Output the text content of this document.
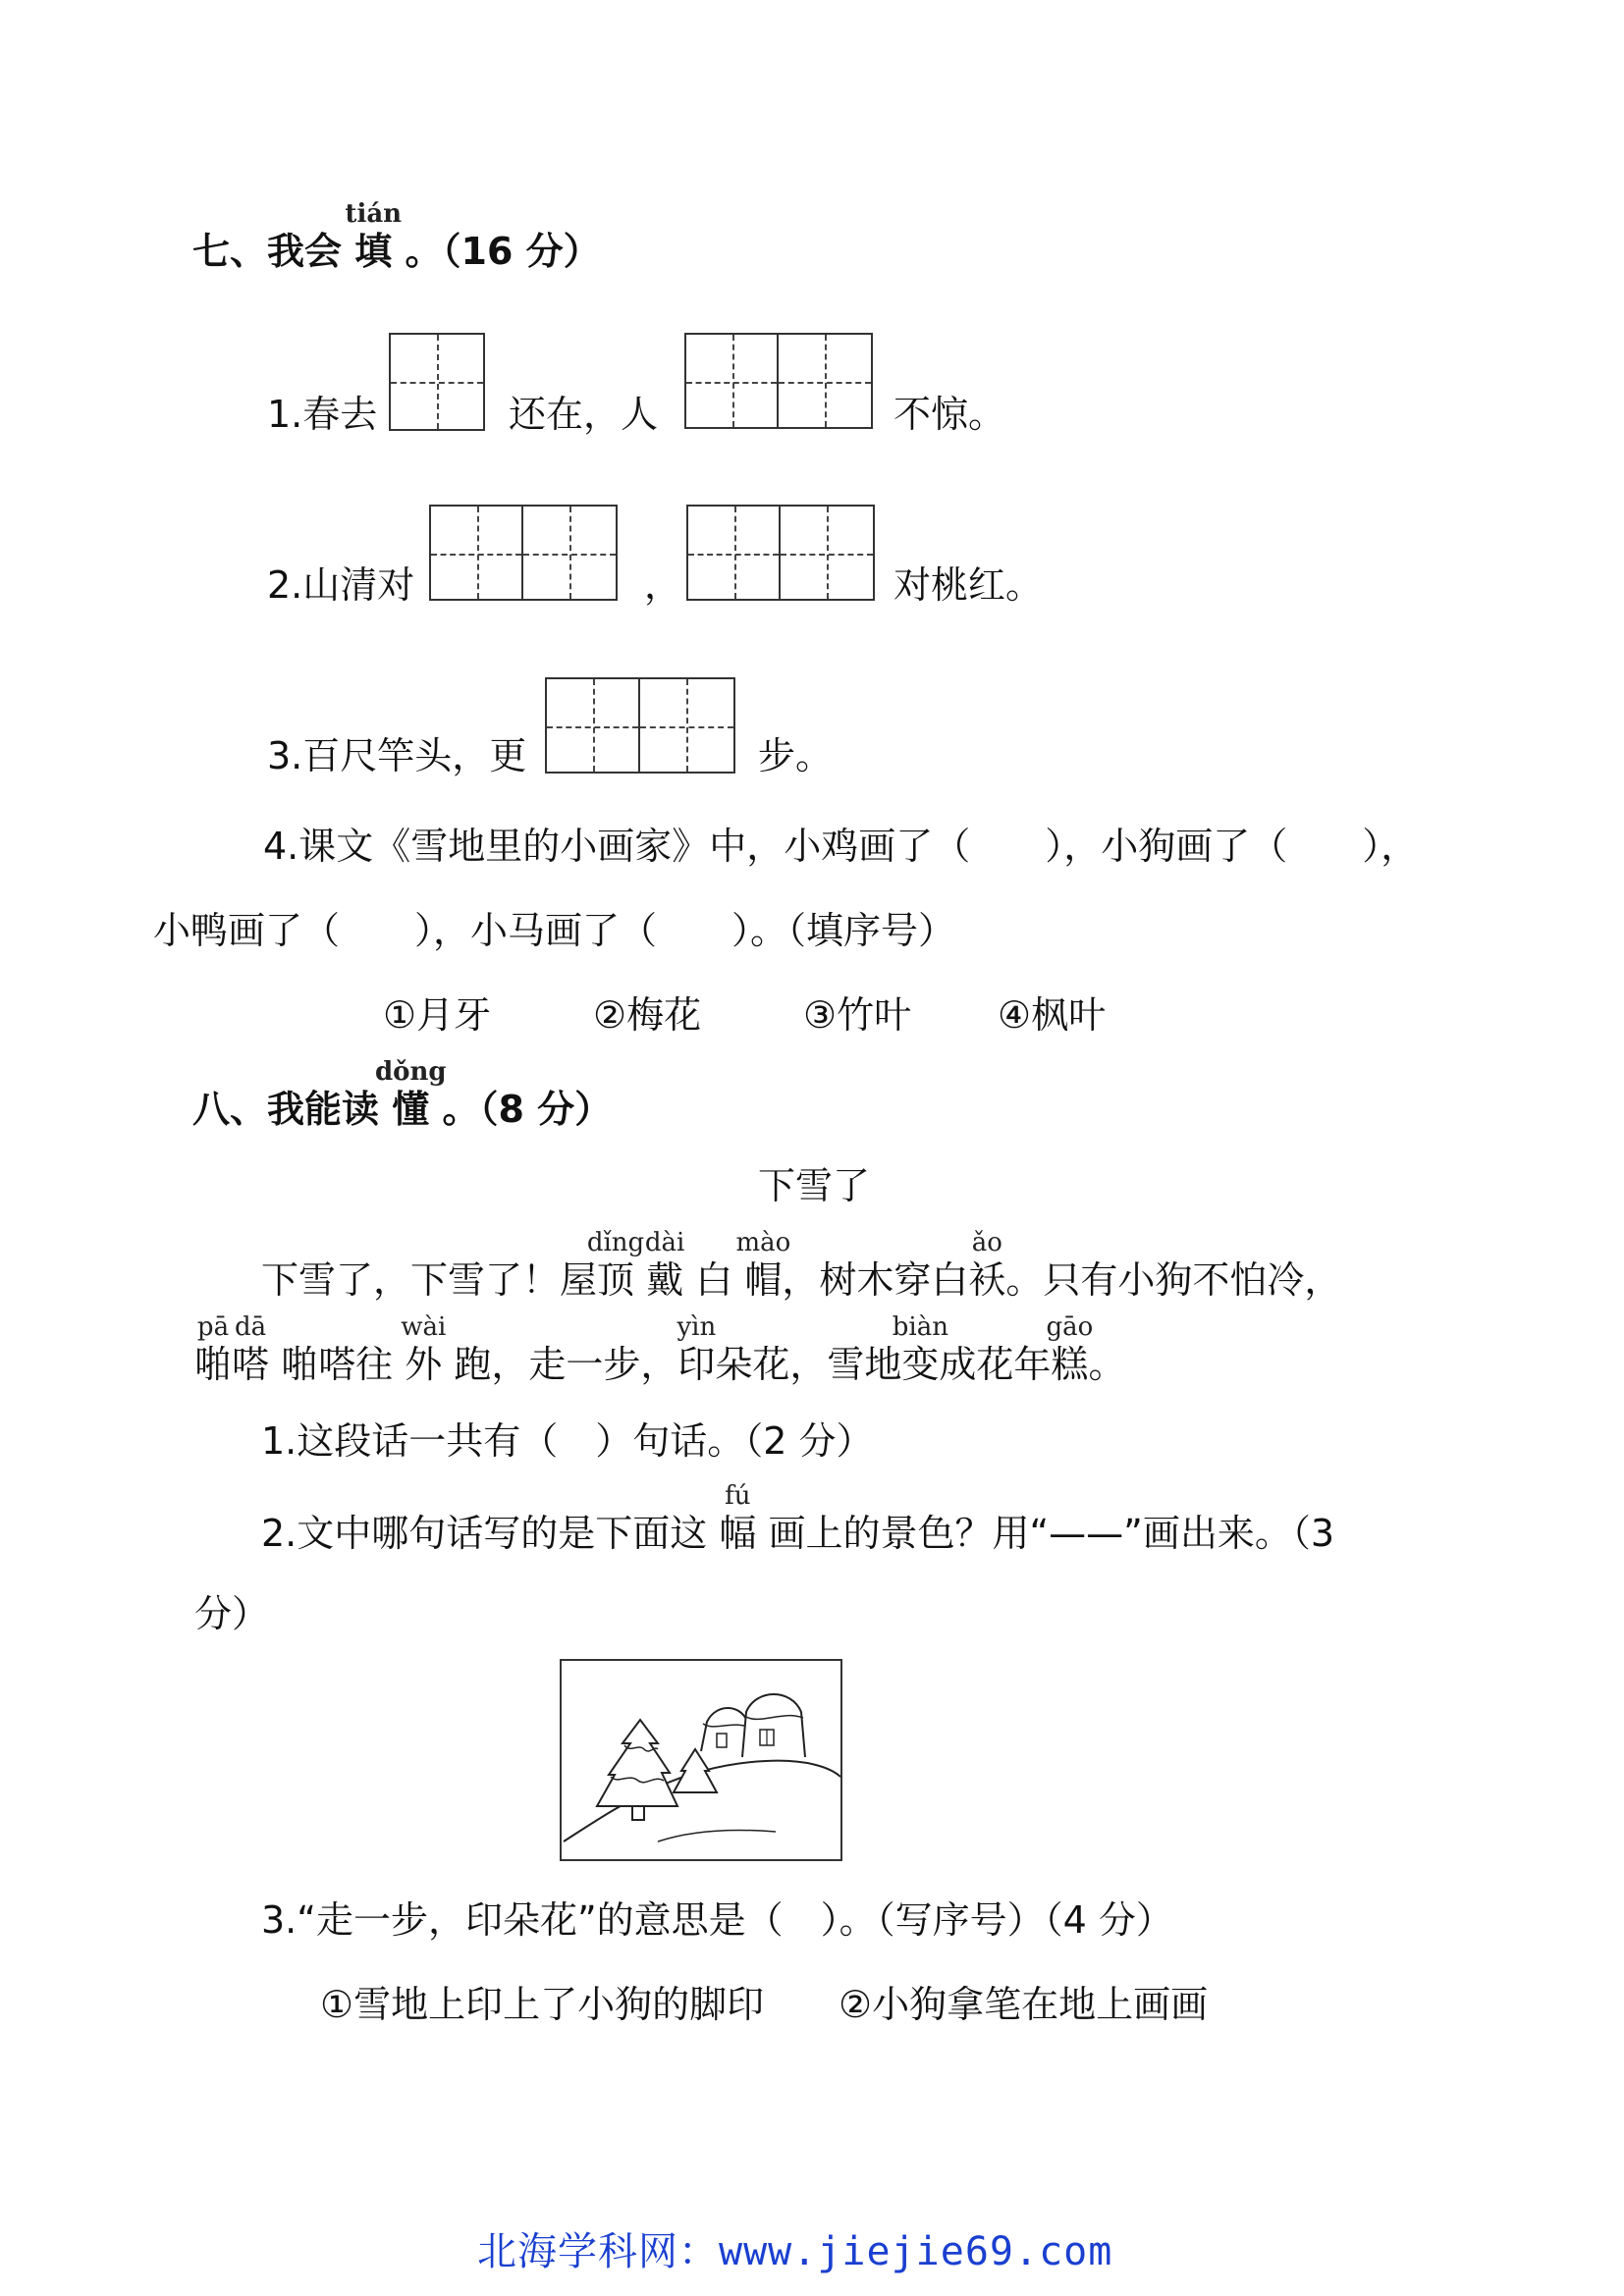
七、我会
tián
填 。（16 分）
1.春去	还在，人	不惊。
2.山清对	，	对桃红。
3.百尺竿头，更	步。
4.课文《雪地里的小画家》中，小鸡画了（　　），小狗画了（　　），
小鸭画了（　　），小马画了（　　）。（填序号）
①月牙	②梅花	③竹叶 ④枫叶
八、我能读
dǒng
懂 。（8 分）
下雪了
下雪了，下雪了！屋
dǐng
顶
dài
戴 白
mào
帽，树木穿白
ǎo
袄。只有小狗不怕冷，
pā
啪
dā
嗒 啪嗒往
wài
外 跑，走一步，
yìn
印朵花，雪地
biàn
变成花年
gāo
糕。
1.这段话一共有（　）句话。（2 分）
2.文中哪句话写的是下面这
fú
幅 画上的景色？用“——”画出来。（3
分）
3.“走一步，印朵花”的意思是（　）。（写序号）（4 分）
①雪地上印上了小狗的脚印 ②小狗拿笔在地上画画
北海学科网：www.jiejie69.com
